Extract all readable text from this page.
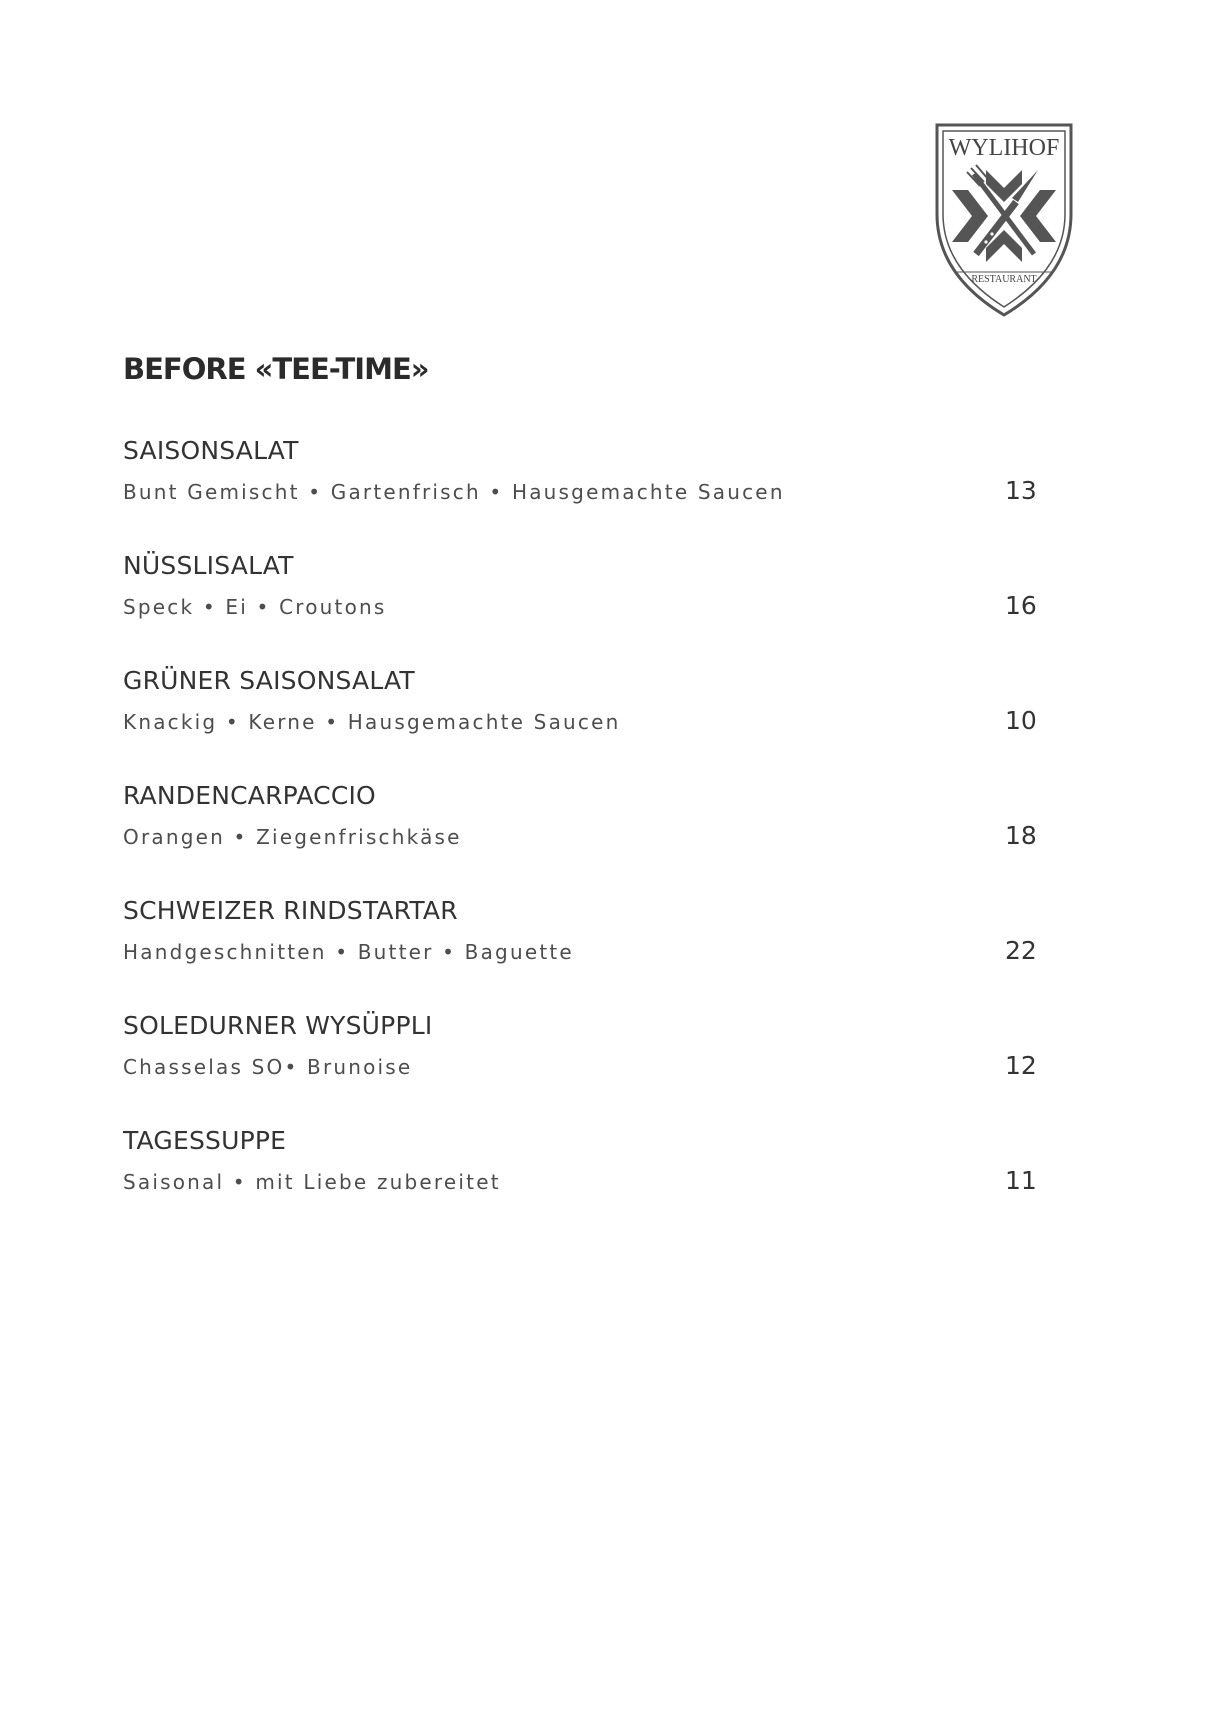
WYLIHOF
RESTAURANT
BEFORE «TEE-TIME»
SAISONSALAT
Bunt Gemischt • Gartenfrisch • Hausgemachte Saucen	13
NÜSSLISALAT
Speck • Ei • Croutons	16
GRÜNER SAISONSALAT
Knackig • Kerne • Hausgemachte Saucen	10
RANDENCARPACCIO
Orangen • Ziegenfrischkäse	18
SCHWEIZER RINDSTARTAR
Handgeschnitten • Butter • Baguette	22
SOLEDURNER WYSÜPPLI
Chasselas SO• Brunoise	12
TAGESSUPPE
Saisonal • mit Liebe zubereitet	11
